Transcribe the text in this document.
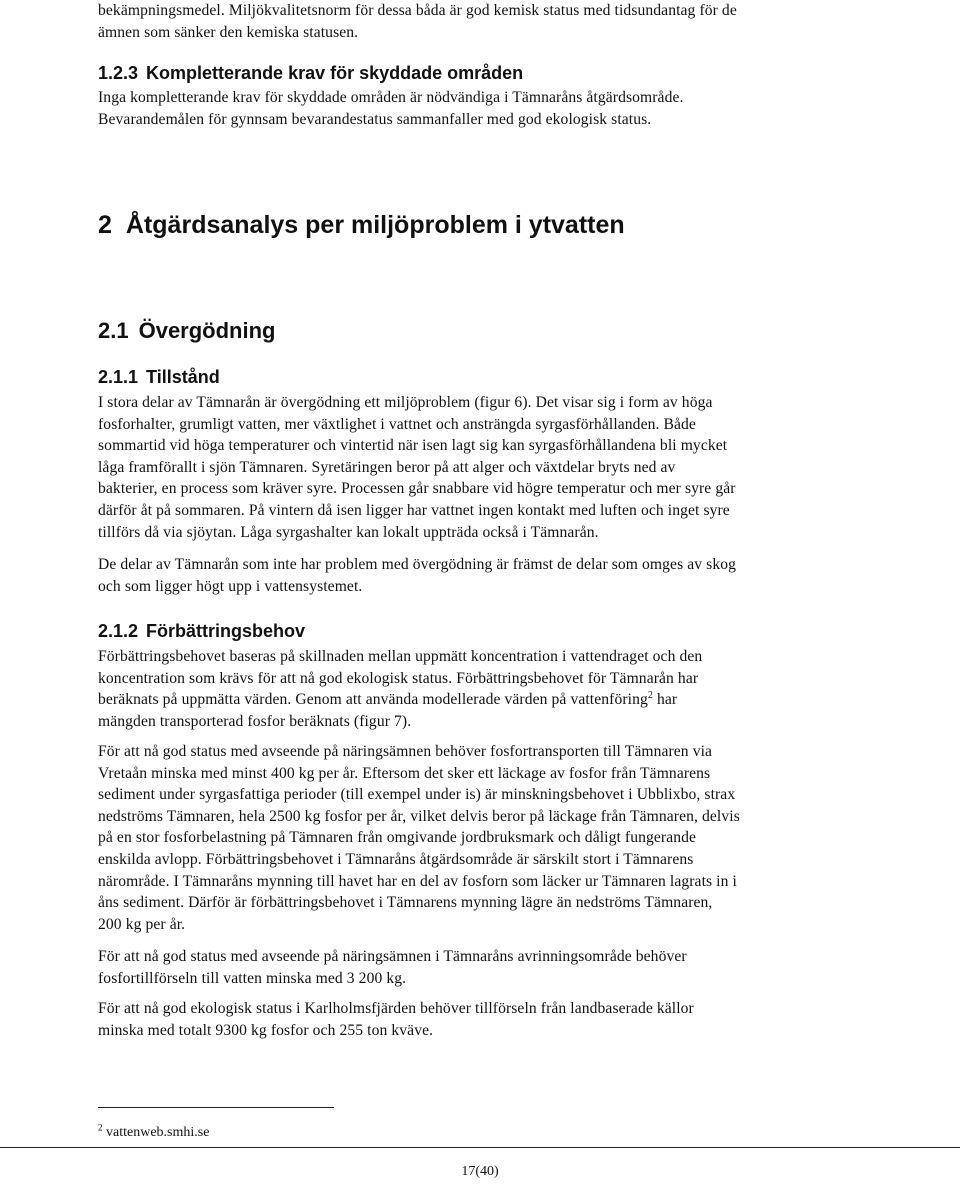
bekämpningsmedel. Miljökvalitetsnorm för dessa båda är god kemisk status med tidsundantag för de

ämnen som sänker den kemiska statusen.

1.2.3 Kompletterande krav för skyddade områden

Inga kompletterande krav för skyddade områden är nödvändiga i Tämnaråns åtgärdsområde.

Bevarandemålen för gynnsam bevarandestatus sammanfaller med god ekologisk status.

2 Åtgärdsanalys per miljöproblem i ytvatten
2.1 Övergödning
2.1.1 Tillstånd

I stora delar av Tämnarån är övergödning ett miljöproblem (figur 6). Det visar sig i form av höga

fosforhalter, grumligt vatten, mer växtlighet i vattnet och ansträngda syrgasförhållanden. Både

sommartid vid höga temperaturer och vintertid när isen lagt sig kan syrgasförhållandena bli mycket

låga framförallt i sjön Tämnaren. Syretäringen beror på att alger och växtdelar bryts ned av

bakterier, en process som kräver syre. Processen går snabbare vid högre temperatur och mer syre går

därför åt på sommaren. På vintern då isen ligger har vattnet ingen kontakt med luften och inget syre

tillförs då via sjöytan. Låga syrgashalter kan lokalt uppträda också i Tämnarån.

De delar av Tämnarån som inte har problem med övergödning är främst de delar som omges av skog

och som ligger högt upp i vattensystemet.

2.1.2 Förbättringsbehov

Förbättringsbehovet baseras på skillnaden mellan uppmätt koncentration i vattendraget och den

koncentration som krävs för att nå god ekologisk status. Förbättringsbehovet för Tämnarån har

beräknats på uppmätta värden. Genom att använda modellerade värden på vattenföring$^2$ har

mängden transporterad fosfor beräknats (figur 7).

För att nå god status med avseende på näringsämnen behöver fosfortransporten till Tämnaren via

Vretaån minska med minst 400 kg per år. Eftersom det sker ett läckage av fosfor från Tämnarens

sediment under syrgasfattiga perioder (till exempel under is) är minskningsbehovet i Ubblixbo, strax

nedströms Tämnaren, hela 2500 kg fosfor per år, vilket delvis beror på läckage från Tämnaren, delvis

på en stor fosforbelastning på Tämnaren från omgivande jordbruksmark och dåligt fungerande

enskilda avlopp. Förbättringsbehovet i Tämnaråns åtgärdsområde är särskilt stort i Tämnarens

närområde. I Tämnaråns mynning till havet har en del av fosforn som läcker ur Tämnaren lagrats in i

åns sediment. Därför är förbättringsbehovet i Tämnarens mynning lägre än nedströms Tämnaren,

200 kg per år.

För att nå god status med avseende på näringsämnen i Tämnaråns avrinningsområde behöver

fosfortillförseln till vatten minska med 3 200 kg.

För att nå god ekologisk status i Karlholmsfjärden behöver tillförseln från landbaserade källor

minska med totalt 9300 kg fosfor och 255 ton kväve.

$^2$ vattenweb.smhi.se
17(40)
